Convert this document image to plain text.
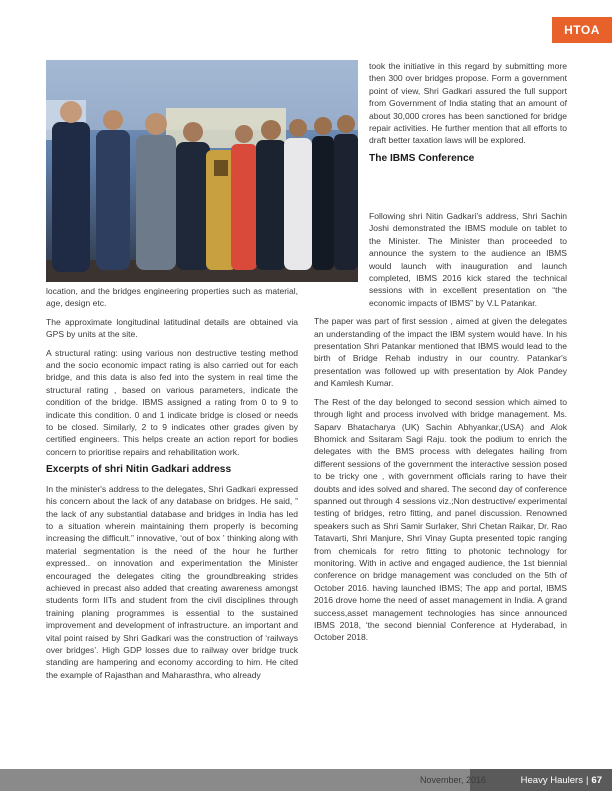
HTOA

location, and the bridges engineering properties such as material, age, design etc.

The approximate longitudinal latitudinal details are obtained via GPS by units at the site.

A structural rating: using various non destructive testing method and the socio economic impact rating is also carried out for each bridge, and this data is also fed into the system in real time the structural rating , based on various parameters, indicate the condition of the bridge. IBMS assigned a rating from 0 to 9 to indicate this condition. 0 and 1 indicate bridge is closed or needs to be closed. Similarly, 2 to 9 indicates other grades given by certified engineers. This helps create an action report for bodies concern to prioritise repairs and rehabilitation work.

Excerpts of shri Nitin Gadkari address

In the minister's address to the delegates, Shri Gadkari expressed his concern about the lack of any database on bridges. He said, ” the lack of any substantial database and bridges in India has led to a situation wherein maintaining them properly is becoming increasing the difficult.” innovative, ‘out of box ’ thinking along with material segmentation is the need of the hour he further expressed.. on innovation and experimentation the Minister encouraged the delegates citing the groundbreaking strides achieved in precast also added that creating awareness amongst students form IITs and student from the civil disciplines through training planing programmes is essential to the sustained improvement and development of infrastructure. an important and vital point raised by Shri Gadkari was the construction of ‘railways over bridges’. High GDP losses due to railway over bridge truck standing are hampering and economy according to him. He cited the example of Rajasthan and Maharasthra, who already

took the initiative in this regard by submitting more then 300 over bridges propose. Form a government point of view, Shri Gadkari assured the full support from Government of India stating that an amount of about 30,000 crores has been sanctioned for bridge repair activities. He further mention that all efforts to draft better taxation laws will be explored.

The IBMS Conference

Following shri Nitin Gadkari's address, Shri Sachin Joshi demonstrated the IBMS module on tablet to the Minister. The Minister than proceeded to announce the system to the audience an IBMS would launch with inauguration and launch completed, IBMS 2016 kick stared the technical sessions with in excellent presentation on “the economic impacts of IBMS” by V.L Patankar.

The paper was part of first session , aimed at given the delegates an understanding of the impact the IBM system would have. In his presentation Shri Patankar mentioned that IBMS would lead to the birth of Bridge Rehab industry in our country. Patankar's presentation was followed up with presentation by Alok Pandey and Kamlesh Kumar.

The Rest of the day belonged to second session which aimed to through light and process involved with bridge management. Ms. Saparv Bhatacharya (UK) Sachin Abhyankar,(USA) and Alok Bhomick and Ssitaram Sagi Raju. took the podium to enrich the delegates with the BMS process with delegates hailing from different sessions of the government the interactive session posed to be tricky one , with government officials raring to have their doubts and ides solved and shared. The second day of conference spanned out through 4 sessions viz.;Non destructive/ experimental testing of bridges, retro fitting, and panel discussion. Renowned speakers such as Shri Samir Surlaker, Shri Chetan Raikar, Dr. Rao Tatavarti, Shri Manjure, Shri Vinay Gupta presented topic ranging from chemicals for retro fitting to photonic technology for monitoring. With in active and engaged audience, the 1st biennial conference on bridge management was concluded on the 5th of October 2016. having launched IBMS; The app and portal, IBMS 2016 drove home the need of asset management in India. A grand success,asset management technologies has since announced IBMS 2018, ‘the second biennial Conference at Hyderabad, in October 2018.

November, 2016	Heavy Haulers | 67
